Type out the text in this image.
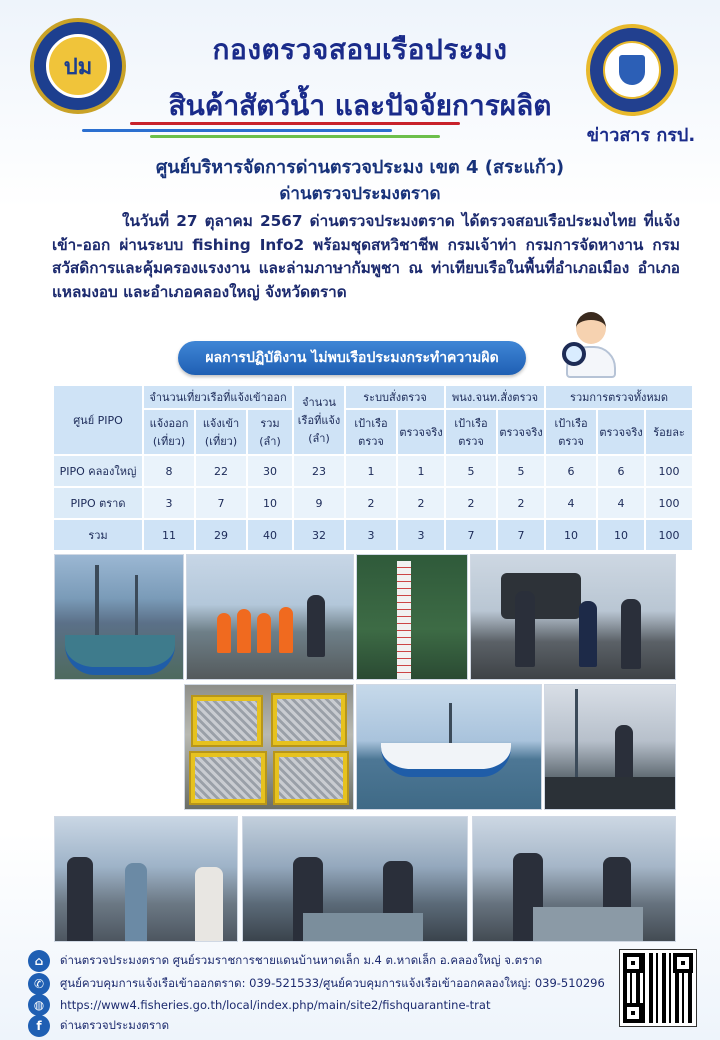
ปม
กองตรวจสอบเรือประมง
สินค้าสัตว์น้ำ และปัจจัยการผลิต
ข่าวสาร กรป.
ศูนย์บริหารจัดการด่านตรวจประมง เขต 4 (สระแก้ว)
ด่านตรวจประมงตราด
ในวันที่ 27 ตุลาคม 2567 ด่านตรวจประมงตราด ได้ตรวจสอบเรือประมงไทย ที่แจ้งเข้า-ออก ผ่านระบบ fishing Info2 พร้อมชุดสหวิชาชีพ กรมเจ้าท่า กรมการจัดหางาน กรมสวัสดิการและคุ้มครองแรงงาน และล่ามภาษากัมพูชา ณ ท่าเทียบเรือในพื้นที่อำเภอเมือง อำเภอแหลมงอบ และอำเภอคลองใหญ่ จังหวัดตราด
ผลการปฏิบัติงาน ไม่พบเรือประมงกระทำความผิด
ศูนย์ PIPO	จำนวนเที่ยวเรือที่แจ้งเข้าออก			จำนวนเรือที่แจ้ง (ลำ)	ระบบสั่งตรวจ		พนง.จนท.สั่งตรวจ		รวมการตรวจทั้งหมด		
	แจ้งออก (เที่ยว)	แจ้งเข้า (เที่ยว)	รวม (ลำ)		เป้าเรือตรวจ	ตรวจจริง	เป้าเรือตรวจ	ตรวจจริง	เป้าเรือตรวจ	ตรวจจริง	ร้อยละ
PIPO คลองใหญ่	8	22	30	23	1	1	5	5	6	6	100
PIPO ตราด	3	7	10	9	2	2	2	2	4	4	100
รวม	11	29	40	32	3	3	7	7	10	10	100
⌂	ด่านตรวจประมงตราด ศูนย์รวมราชการชายแดนบ้านหาดเล็ก ม.4 ต.หาดเล็ก อ.คลองใหญ่ จ.ตราด
✆	ศูนย์ควบคุมการแจ้งเรือเข้าออกตราด: 039-521533/ศูนย์ควบคุมการแจ้งเรือเข้าออกคลองใหญ่: 039-510296
◍	https://www4.fisheries.go.th/local/index.php/main/site2/fishquarantine-trat
f	ด่านตรวจประมงตราด
